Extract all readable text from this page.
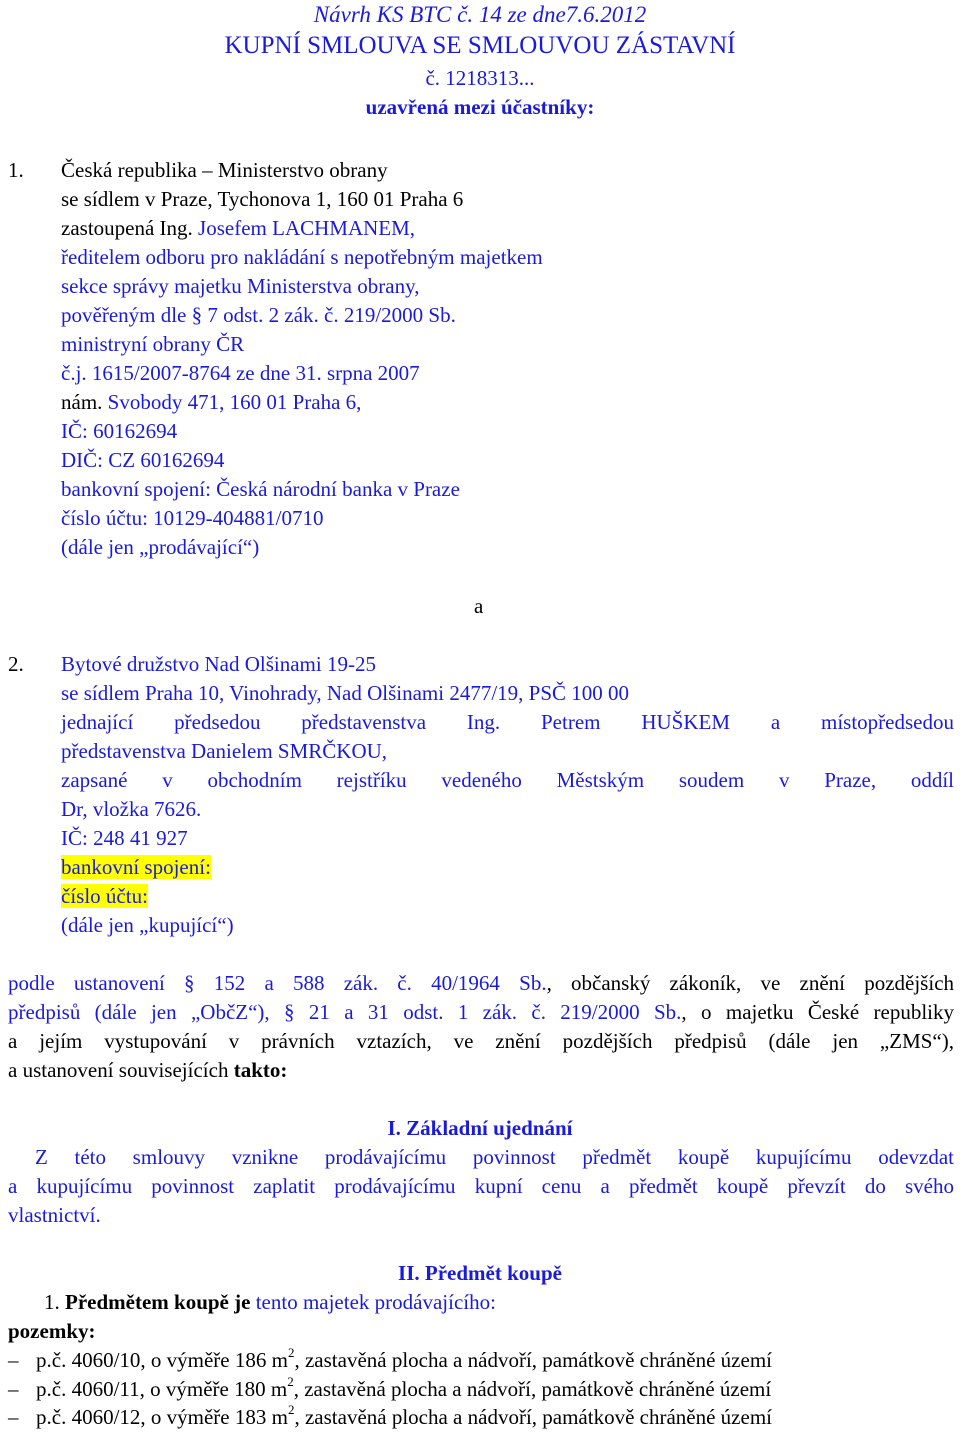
Návrh KS BTC č. 14 ze dne7.6.2012
KUPNÍ SMLOUVA SE SMLOUVOU ZÁSTAVNÍ
č. 1218313...
uzavřená mezi účastníky:
1. Česká republika – Ministerstvo obrany
se sídlem v Praze, Tychonova 1, 160 01 Praha 6
zastoupená Ing. Josefem LACHMANEM,
ředitelem odboru pro nakládání s nepotřebným majetkem
sekce správy majetku Ministerstva obrany,
pověřeným dle § 7 odst. 2 zák. č. 219/2000 Sb.
ministryní obrany ČR
č.j. 1615/2007-8764 ze dne 31. srpna 2007
nám. Svobody 471, 160 01 Praha 6,
IČ: 60162694
DIČ: CZ 60162694
bankovní spojení: Česká národní banka v Praze
číslo účtu: 10129-404881/0710
(dále jen „prodávající“)
a
2. Bytové družstvo Nad Olšinami 19-25
se sídlem Praha 10, Vinohrady, Nad Olšinami 2477/19, PSČ 100 00
jednající předsedou představenstva Ing. Petrem HUŠKEM a místopředsedou
představenstva Danielem SMRČKOU,
zapsané v obchodním rejstříku vedeného Městským soudem v Praze, oddíl
Dr, vložka 7626.
IČ: 248 41 927
bankovní spojení:
číslo účtu:
(dále jen „kupující“)
podle ustanovení § 152 a 588 zák. č. 40/1964 Sb., občanský zákoník, ve znění pozdějších
předpisů (dále jen „ObčZ“), § 21 a 31 odst. 1 zák. č. 219/2000 Sb., o majetku České republiky
a jejím vystupování v právních vztazích, ve znění pozdějších předpisů (dále jen „ZMS“),
a ustanovení souvisejících takto:
I. Základní ujednání
Z této smlouvy vznikne prodávajícímu povinnost předmět koupě kupujícímu odevzdat
a kupujícímu povinnost zaplatit prodávajícímu kupní cenu a předmět koupě převzít do svého
vlastnictví.
II. Předmět koupě
1. Předmětem koupě je tento majetek prodávajícího:
pozemky:
– p.č. 4060/10, o výměře 186 $m^2$, zastavěná plocha a nádvoří, památkově chráněné území
– p.č. 4060/11, o výměře 180 $m^2$, zastavěná plocha a nádvoří, památkově chráněné území
– p.č. 4060/12, o výměře 183 $m^2$, zastavěná plocha a nádvoří, památkově chráněné území
